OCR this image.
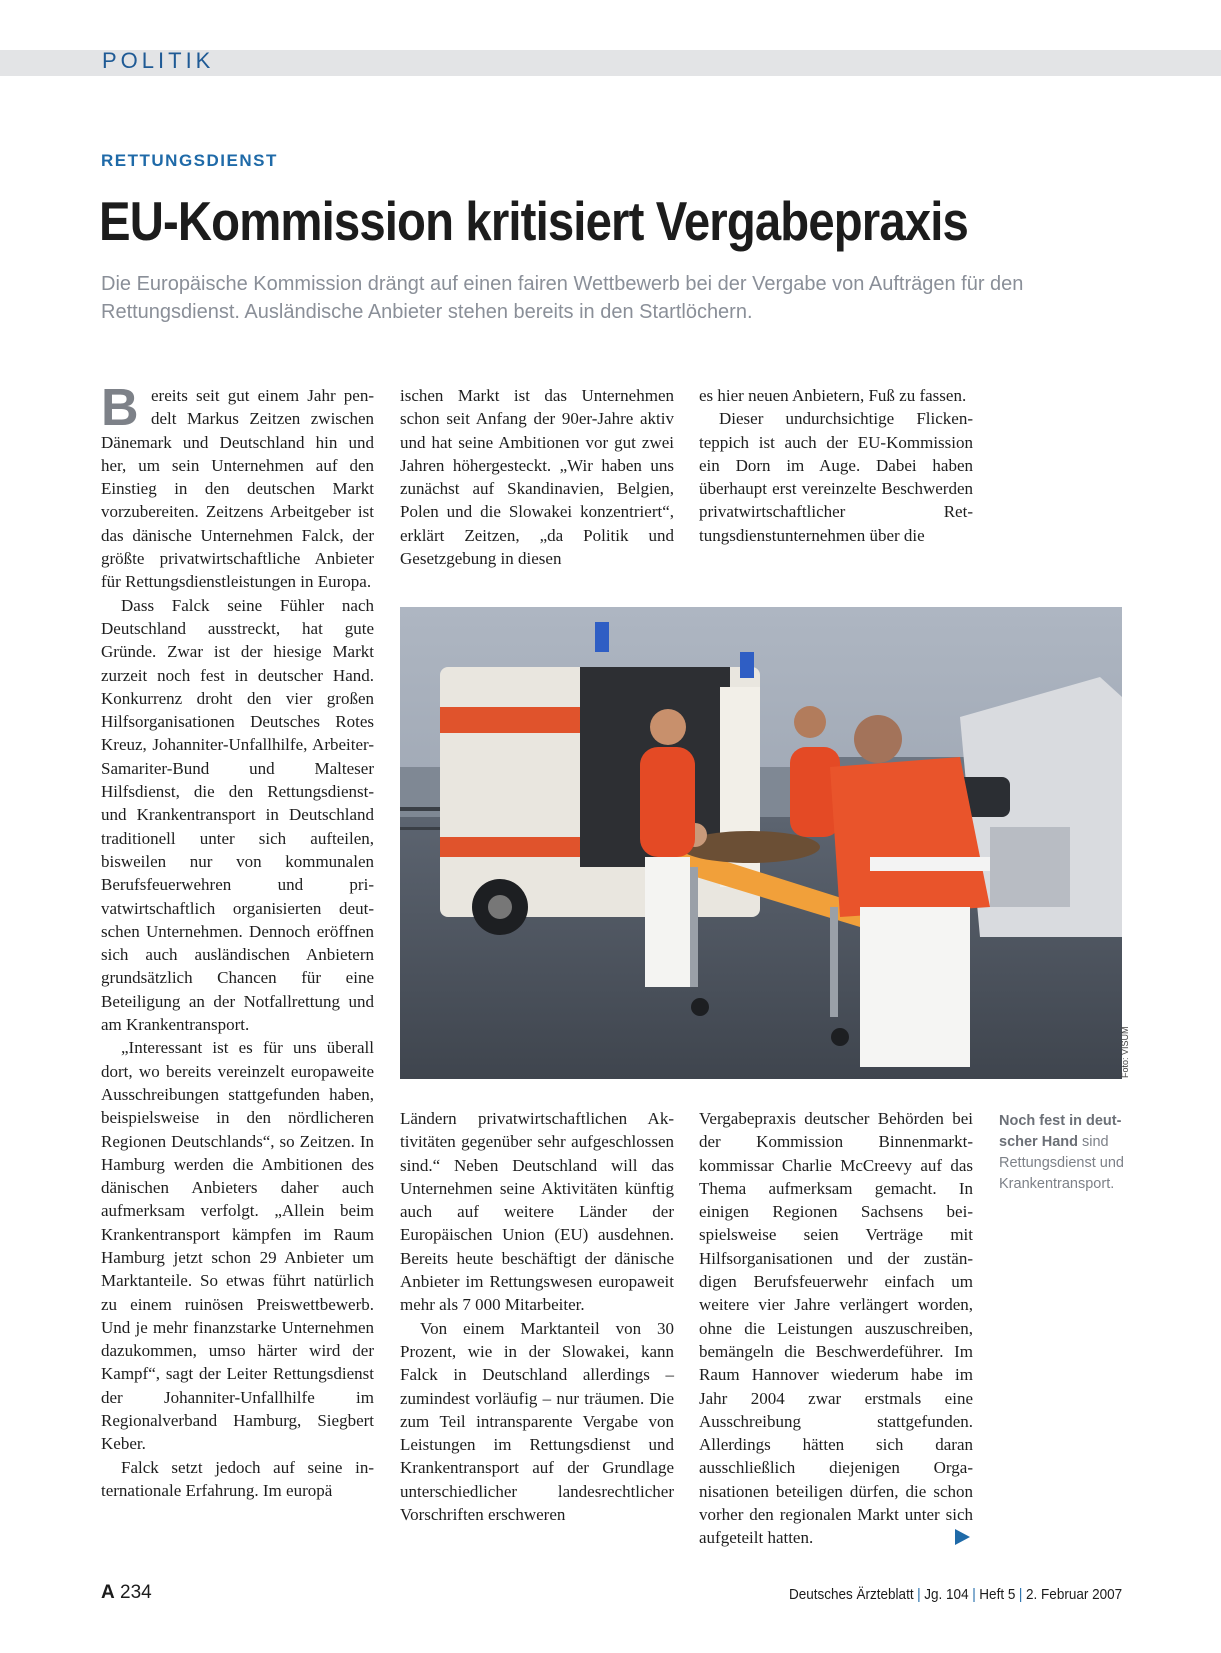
POLITIK
RETTUNGSDIENST
EU-Kommission kritisiert Vergabepraxis

Die Europäische Kommission drängt auf einen fairen Wettbewerb bei der Vergabe von Aufträgen für den Rettungsdienst. Ausländische Anbieter stehen bereits in den Startlöchern.

Bereits seit gut einem Jahr pendelt Markus Zeitzen zwischen Dänemark und Deutschland hin und her, um sein Unternehmen auf den Einstieg in den deutschen Markt vorzubereiten. Zeitzens Arbeitgeber ist das dänische Unternehmen Falck, der größte privatwirtschaftliche Anbieter für Rettungsdienstleistungen in Europa.

Dass Falck seine Fühler nach Deutschland ausstreckt, hat gute Gründe. Zwar ist der hiesige Markt zurzeit noch fest in deutscher Hand. Konkurrenz droht den vier großen Hilfsorganisationen Deutsches Rotes Kreuz, Johanniter-Unfallhilfe, Arbeiter-Samariter-Bund und Malteser Hilfsdienst, die den Rettungsdienst- und Krankentransport in Deutschland traditionell unter sich aufteilen, bisweilen nur von kommunalen Berufsfeuerwehren und privatwirtschaftlich organisierten deutschen Unternehmen. Dennoch eröffnen sich auch ausländischen Anbietern grundsätzlich Chancen für eine Beteiligung an der Notfallrettung und am Krankentransport.

„Interessant ist es für uns überall dort, wo bereits vereinzelt europaweite Ausschreibungen stattgefunden haben, beispielsweise in den nördlicheren Regionen Deutschlands“, so Zeitzen. In Hamburg werden die Ambitionen des dänischen Anbieters daher auch aufmerksam verfolgt. „Allein beim Krankentransport kämpfen im Raum Hamburg jetzt schon 29 Anbieter um Marktanteile. So etwas führt natürlich zu einem ruinösen Preiswettbewerb. Und je mehr finanzstarke Unternehmen dazukommen, umso härter wird der Kampf“, sagt der Leiter Rettungsdienst der Johanniter-Unfallhilfe im Regionalverband Hamburg, Siegbert Keber.

Falck setzt jedoch auf seine internationale Erfahrung. Im europä

ischen Markt ist das Unternehmen schon seit Anfang der 90er-Jahre aktiv und hat seine Ambitionen vor gut zwei Jahren höhergesteckt. „Wir haben uns zunächst auf Skandinavien, Belgien, Polen und die Slowakei konzentriert“, erklärt Zeitzen, „da Politik und Gesetzgebung in diesen

es hier neuen Anbietern, Fuß zu fassen.

Dieser undurchsichtige Flickenteppich ist auch der EU-Kommission ein Dorn im Auge. Dabei haben überhaupt erst vereinzelte Beschwerden privatwirtschaftlicher Rettungsdienstunternehmen über die

Foto: VISUM

Ländern privatwirtschaftlichen Aktivitäten gegenüber sehr aufgeschlossen sind.“ Neben Deutschland will das Unternehmen seine Aktivitäten künftig auch auf weitere Länder der Europäischen Union (EU) ausdehnen. Bereits heute beschäftigt der dänische Anbieter im Rettungswesen europaweit mehr als 7 000 Mitarbeiter.

Von einem Marktanteil von 30 Prozent, wie in der Slowakei, kann Falck in Deutschland allerdings – zumindest vorläufig – nur träumen. Die zum Teil intransparente Vergabe von Leistungen im Rettungsdienst und Krankentransport auf der Grundlage unterschiedlicher landesrechtlicher Vorschriften erschweren

Vergabepraxis deutscher Behörden bei der Kommission Binnenmarktkommissar Charlie McCreevy auf das Thema aufmerksam gemacht. In einigen Regionen Sachsens beispielsweise seien Verträge mit Hilfsorganisationen und der zuständigen Berufsfeuerwehr einfach um weitere vier Jahre verlängert worden, ohne die Leistungen auszuschreiben, bemängeln die Beschwerdeführer. Im Raum Hannover wiederum habe im Jahr 2004 zwar erstmals eine Ausschreibung stattgefunden. Allerdings hätten sich daran ausschließlich diejenigen Organisationen beteiligen dürfen, die schon vorher den regionalen Markt unter sich aufgeteilt hatten.

Noch fest in deutscher Hand sind Rettungsdienst und Krankentransport.

A 234	Deutsches Ärzteblatt | Jg. 104 | Heft 5 | 2. Februar 2007
